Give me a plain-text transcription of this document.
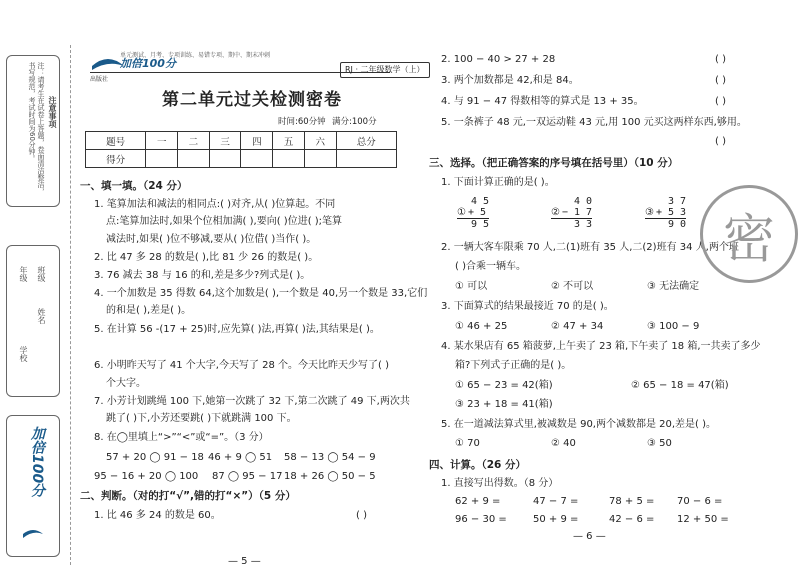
注：请考生在试卷上答题，卷面清洁整洁，书写规范，考试时间为60分钟。	注意事项
班级
姓名
学校
年级
加倍100分
出版社
加倍100分
单元测试、月考、专项训练、易错专项、期中、期末冲刺
第二单元过关检测密卷
时间:60分钟 满分:100分
题号	一	二	三	四	五	六	总分
得分							
一、填一填。（24 分）
1. 笔算加法和减法的相同点:( )对齐,从( )位算起。不同
点:笔算加法时,如果个位相加满( ),要向( )位进( );笔算
减法时,如果( )位不够减,要从( )位借( )当作( )。
2. 比 47 多 28 的数是( ),比 81 少 26 的数是( )。
3. 76 减去 38 与 16 的和,差是多少?列式是( )。
4. 一个加数是 35 得数 64,这个加数是( ),一个数是 40,另一个数是 33,它们
的和是( ),差是( )。
5. 在计算 56 -(17 + 25)时,应先算( )法,再算( )法,其结果是( )。
6. 小明昨天写了 41 个大字,今天写了 28 个。今天比昨天少写了( )
个大字。
7. 小芳计划跳绳 100 下,她第一次跳了 32 下,第二次跳了 49 下,两次共
跳了( )下,小芳还要跳( )下就跳满 100 下。
8. 在◯里填上“>”“<”或“=”。（3 分）
57 + 20 ◯ 91 − 18 46 + 9 ◯ 51 58 − 13 ◯ 54 − 9
95 − 16 + 20 ◯ 100 87 ◯ 95 − 17 18 + 26 ◯ 50 − 5
二、判断。（对的打“√”,错的打“×”）（5 分）
1. 比 46 多 24 的数是 60。	( )
— 5 —
RJ · 二年级数学（上）
2. 100 − 40 > 27 + 28	( )
3. 两个加数都是 42,和是 84。	( )
4. 与 91 − 47 得数相等的算式是 13 + 35。	( )
5. 一条裤子 48 元,一双运动鞋 43 元,用 100 元买这两样东西,够用。
( )
三、选择。（把正确答案的序号填在括号里）（10 分）
1. 下面计算正确的是( )。
4 5
① + 5
9 5
4 0
② − 1 7
3 3
3 7
③ + 5 3
9 0
2. 一辆大客车限乘 70 人,二(1)班有 35 人,二(2)班有 34 人,两个班
( )合乘一辆车。
① 可以	② 不可以	③ 无法确定
3. 下面算式的结果最接近 70 的是( )。
① 46 + 25	② 47 + 34	③ 100 − 9
4. 某水果店有 65 箱菠萝,上午卖了 23 箱,下午卖了 18 箱,一共卖了多少
箱?下列式子正确的是( )。
① 65 − 23 = 42(箱)	② 65 − 18 = 47(箱)
③ 23 + 18 = 41(箱)
5. 在一道减法算式里,被减数是 90,两个减数都是 20,差是( )。
① 70	② 40	③ 50
四、计算。（26 分）
1. 直接写出得数。（8 分）
62 + 9 =	47 − 7 =	78 + 5 = 70 − 6 =
96 − 30 =	50 + 9 =	42 − 6 = 12 + 50 =
— 6 —
密
